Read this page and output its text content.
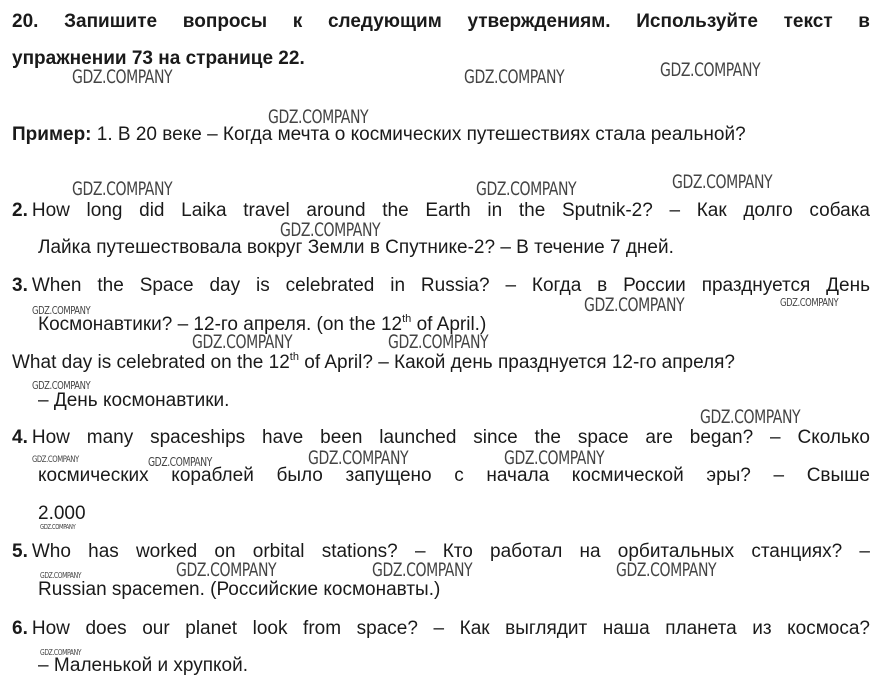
20. Запишите вопросы к следующим утверждениям. Используйте текст в
упражнении 73 на странице 22.
Пример: 1. В 20 веке – Когда мечта о космических путешествиях стала реальной?
2. How long did Laika travel around the Earth in the Sputnik-2? – Как долго собака
Лайка путешествовала вокруг Земли в Спутнике-2? – В течение 7 дней.
3. When the Space day is celebrated in Russia? – Когда в России празднуется День
Космонавтики? – 12-го апреля. (on the 12th of April.)
What day is celebrated on the 12th of April? – Какой день празднуется 12-го апреля?
– День космонавтики.
4. How many spaceships have been launched since the space are began? – Сколько
космических кораблей было запущено с начала космической эры? – Свыше
2.000
5. Who has worked on orbital stations? – Кто работал на орбитальных станциях? –
Russian spacemen. (Российские космонавты.)
6. How does our planet look from space? – Как выглядит наша планета из космоса?
– Маленькой и хрупкой.
GDZ.COMPANY	GDZ.COMPANY	GDZ.COMPANY
GDZ.COMPANY
GDZ.COMPANY	GDZ.COMPANY	GDZ.COMPANY
GDZ.COMPANY
GDZ.COMPANY
GDZ.COMPANY	GDZ.COMPANY
GDZ.COMPANY
GDZ.COMPANY	GDZ.COMPANY
GDZ.COMPANY	GDZ.COMPANY	GDZ.COMPANY
GDZ.COMPANY
GDZ.COMPANY
GDZ.COMPANY
GDZ.COMPANY	GDZ.COMPANY
GDZ.COMPANY
GDZ.COMPANY
GDZ.COMPANY
